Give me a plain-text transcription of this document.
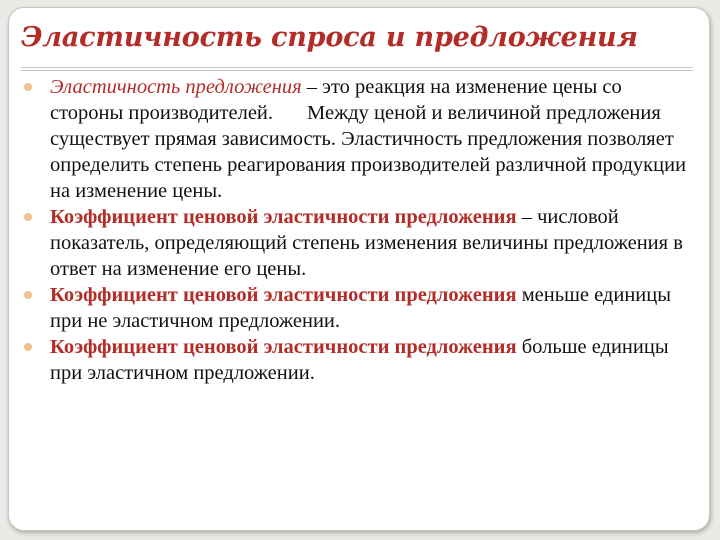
Эластичность спроса и предложения
Эластичность предложения – это реакция на изменение цены со стороны производителей. Между ценой и величиной предложения существует прямая зависимость. Эластичность предложения позволяет определить степень реагирования производителей различной продукции на изменение цены.
Коэффициент ценовой эластичности предложения – числовой показатель, определяющий степень изменения величины предложения в ответ на изменение его цены.
Коэффициент ценовой эластичности предложения меньше единицы при не эластичном предложении.
Коэффициент ценовой эластичности предложения больше единицы при эластичном предложении.
